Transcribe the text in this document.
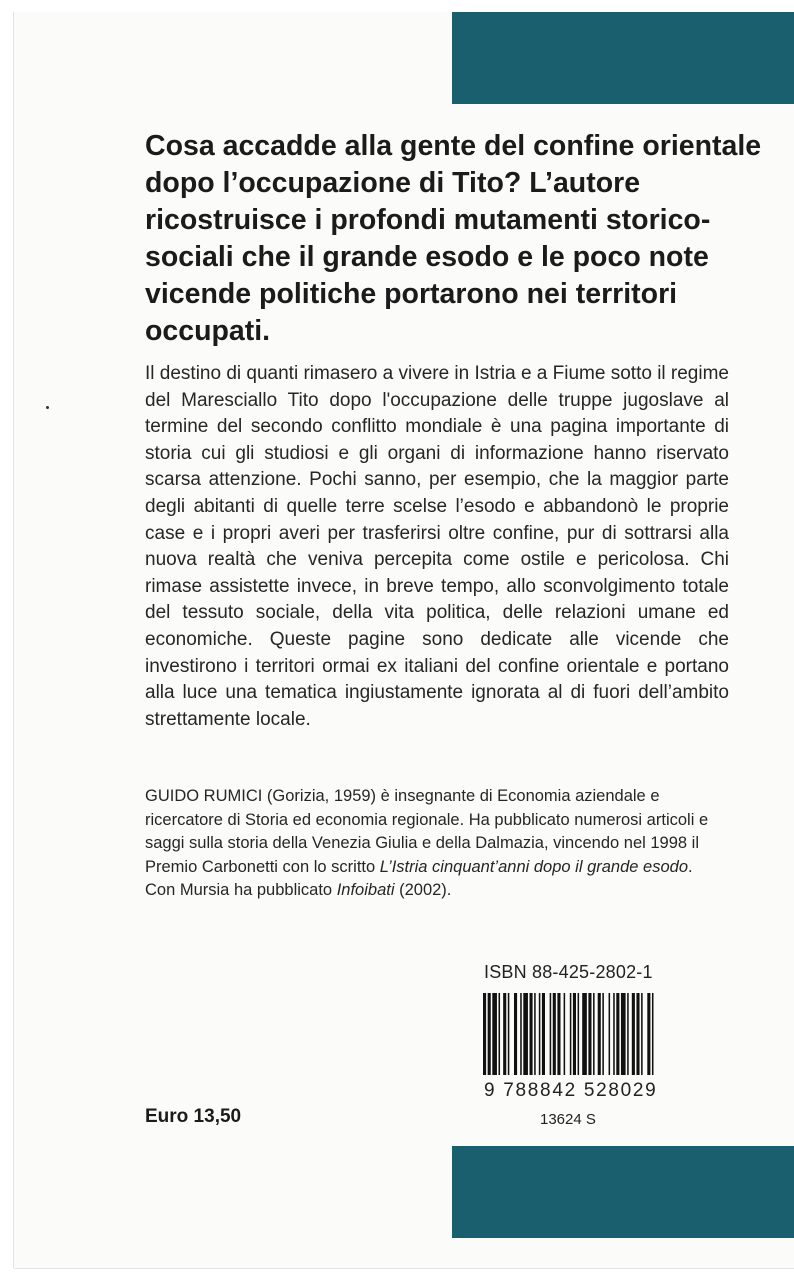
Cosa accadde alla gente del confine orientale dopo l’occupazione di Tito? L’autore ricostruisce i profondi mutamenti storico-sociali che il grande esodo e le poco note vicende politiche portarono nei territori occupati.
Il destino di quanti rimasero a vivere in Istria e a Fiume sotto il regime del Maresciallo Tito dopo l'occupazione delle truppe jugoslave al termine del secondo conflitto mondiale è una pagina importante di storia cui gli studiosi e gli organi di informazione hanno riservato scarsa attenzione. Pochi sanno, per esempio, che la maggior parte degli abitanti di quelle terre scelse l’esodo e abbandonò le proprie case e i propri averi per trasferirsi oltre confine, pur di sottrarsi alla nuova realtà che veniva percepita come ostile e pericolosa. Chi rimase assistette invece, in breve tempo, allo sconvolgimento totale del tessuto sociale, della vita politica, delle relazioni umane ed economiche. Queste pagine sono dedicate alle vicende che investirono i territori ormai ex italiani del confine orientale e portano alla luce una tematica ingiustamente ignorata al di fuori dell’ambito strettamente locale.

GUIDO RUMICI (Gorizia, 1959) è insegnante di Economia aziendale e ricercatore di Storia ed economia regionale. Ha pubblicato numerosi articoli e saggi sulla storia della Venezia Giulia e della Dalmazia, vincendo nel 1998 il Premio Carbonetti con lo scritto L’Istria cinquant’anni dopo il grande esodo.

Con Mursia ha pubblicato Infoibati (2002).

ISBN 88-425-2802-1
9 788842 528029
13624 S
Euro 13,50
